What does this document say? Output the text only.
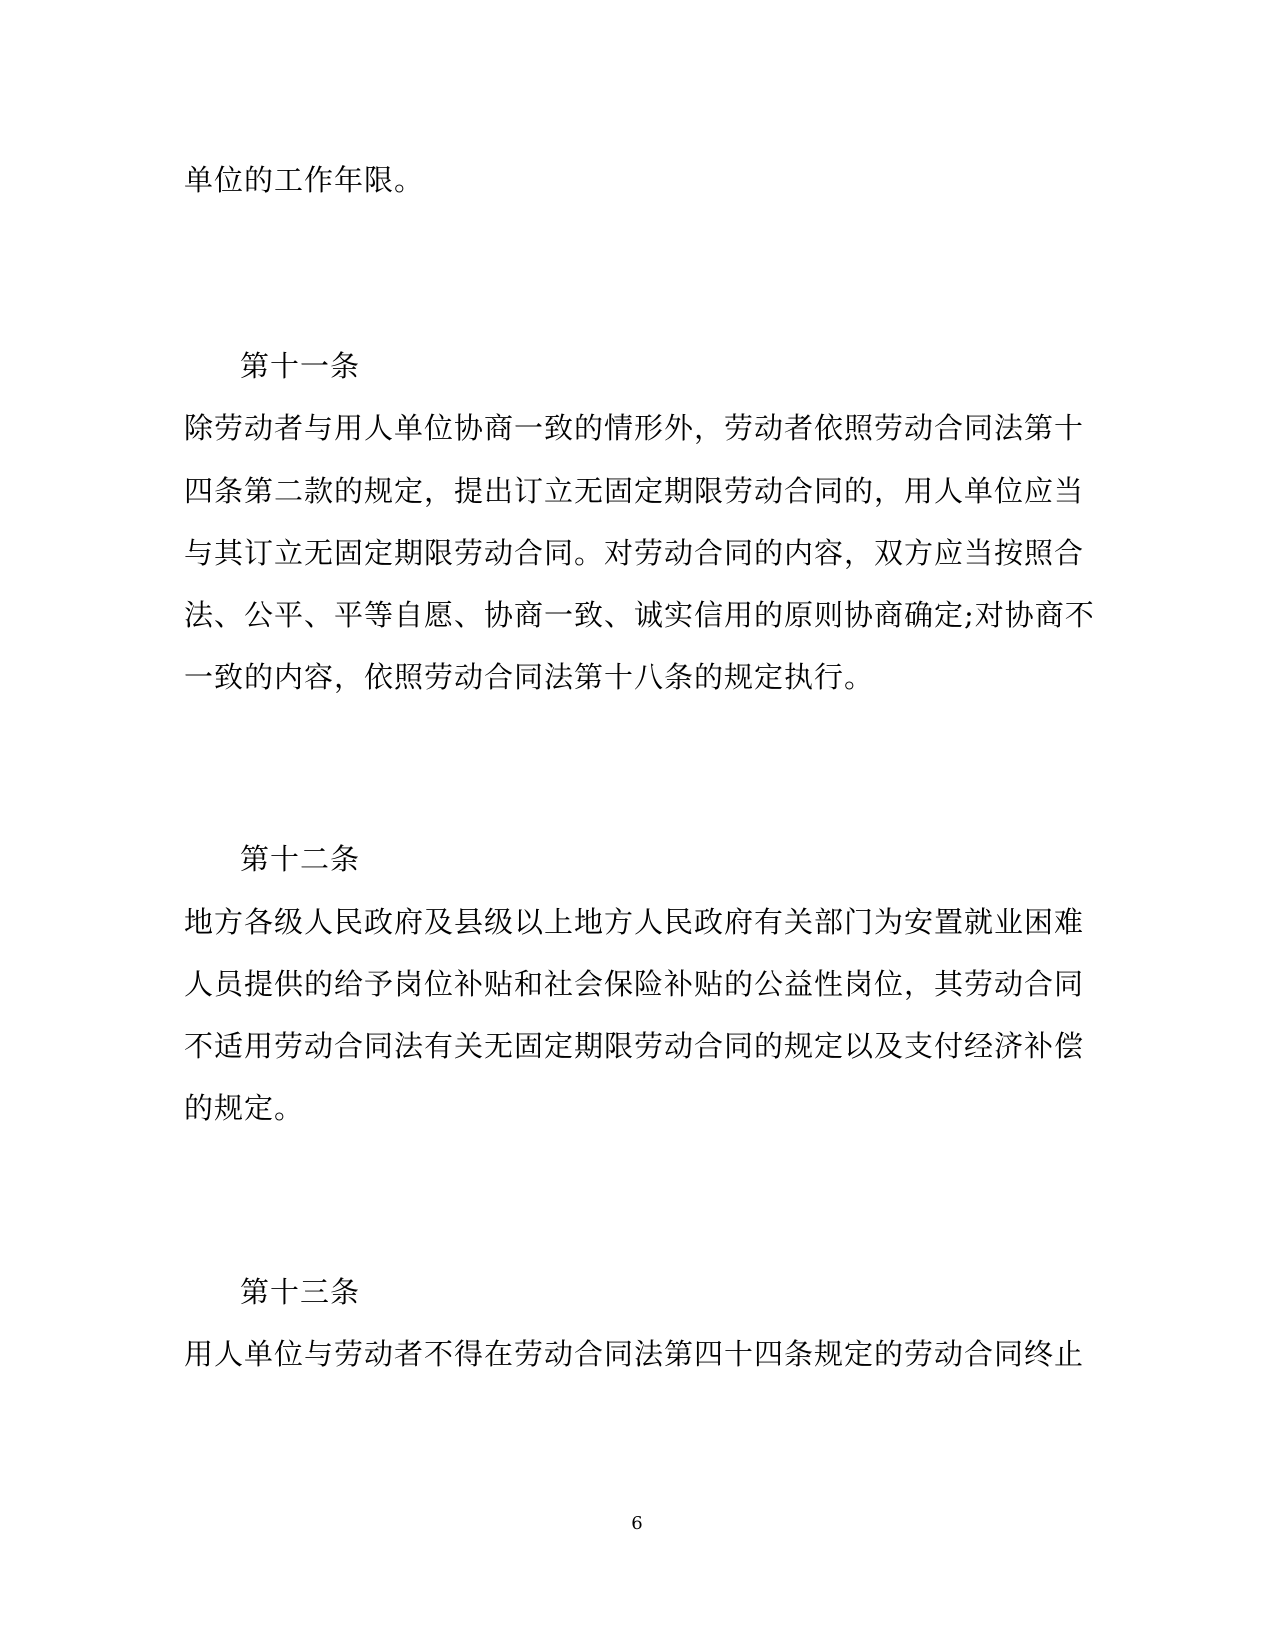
单位的工作年限。
第十一条
除劳动者与用人单位协商一致的情形外，劳动者依照劳动合同法第十
四条第二款的规定，提出订立无固定期限劳动合同的，用人单位应当
与其订立无固定期限劳动合同。对劳动合同的内容，双方应当按照合
法、公平、平等自愿、协商一致、诚实信用的原则协商确定;对协商不
一致的内容，依照劳动合同法第十八条的规定执行。
第十二条
地方各级人民政府及县级以上地方人民政府有关部门为安置就业困难
人员提供的给予岗位补贴和社会保险补贴的公益性岗位，其劳动合同
不适用劳动合同法有关无固定期限劳动合同的规定以及支付经济补偿
的规定。
第十三条
用人单位与劳动者不得在劳动合同法第四十四条规定的劳动合同终止
6
